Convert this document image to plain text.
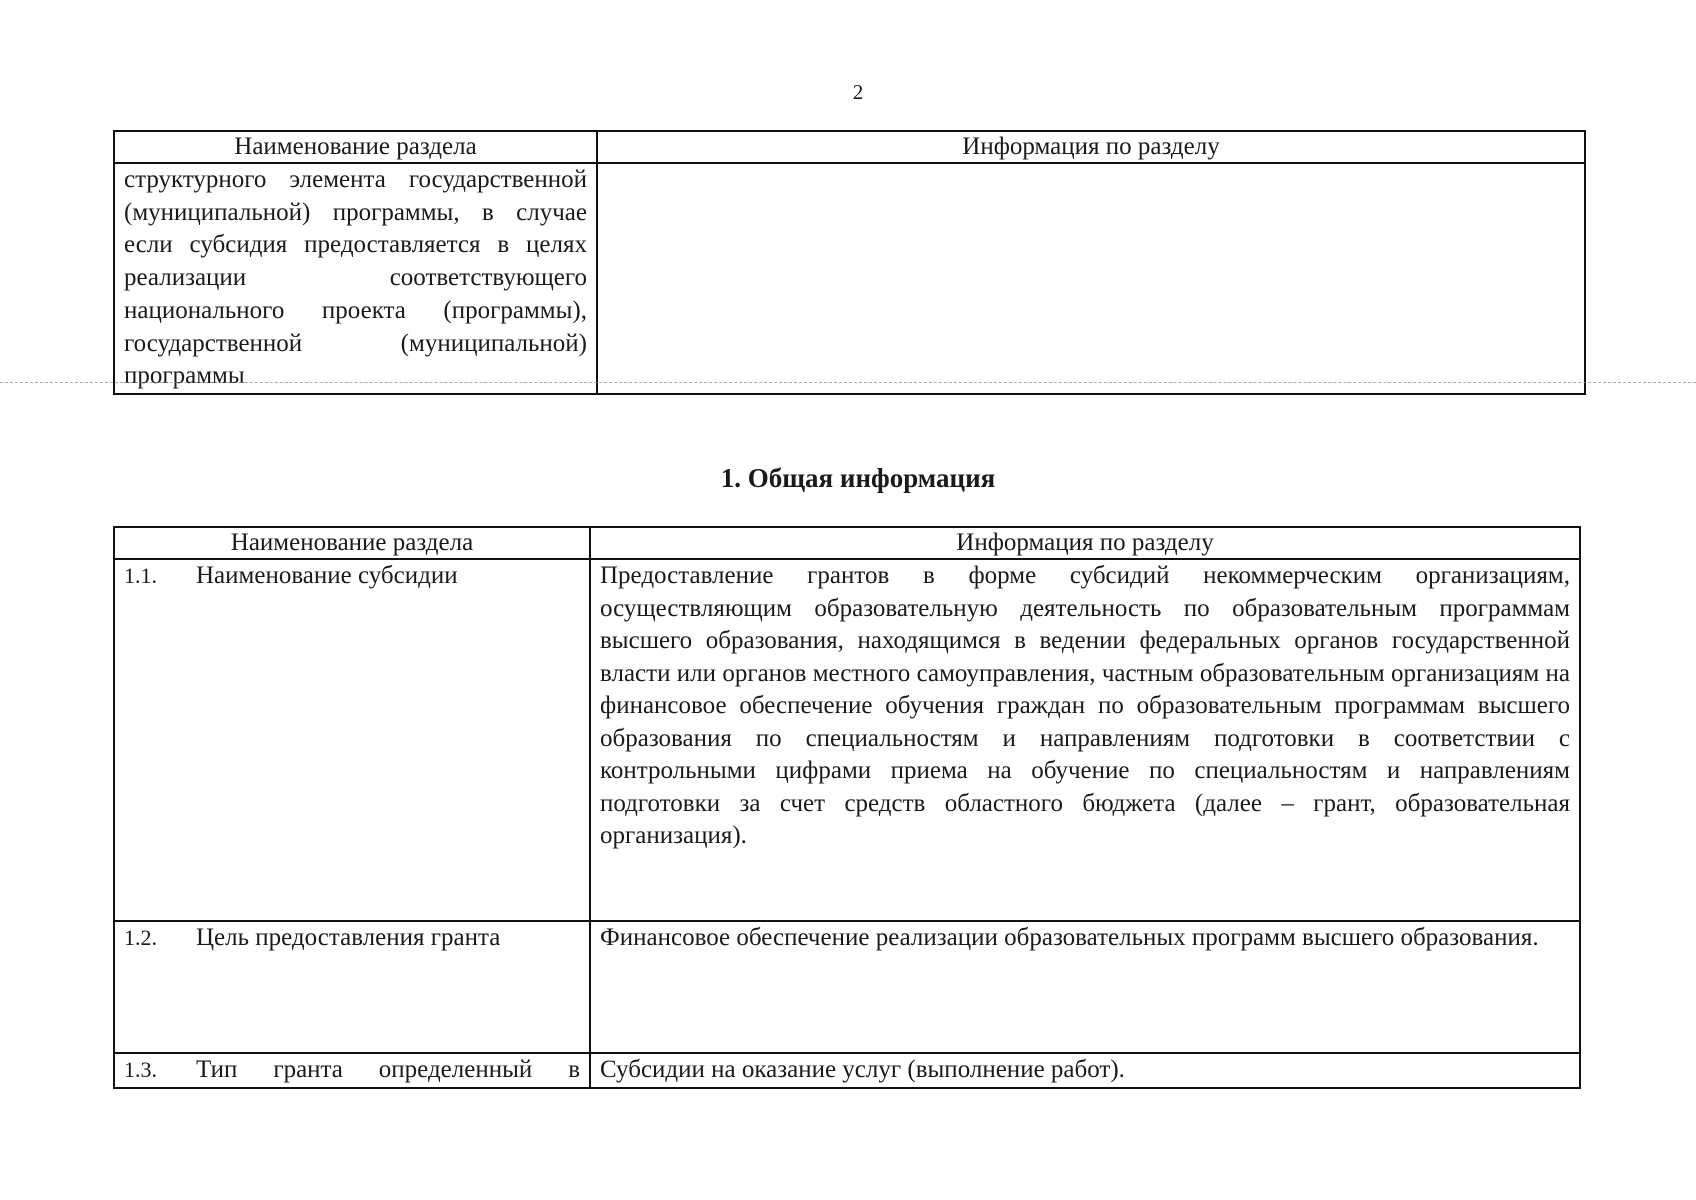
2
Наименование раздела	Информация по разделу
структурного элемента государственной (муниципальной) программы, в случае если субсидия предоставляется в целях реализации соответствующего национального проекта (программы), государственной (муниципальной) программы	
1. Общая информация
Наименование раздела	Информация по разделу
1.1. Наименование субсидии	Предоставление грантов в форме субсидий некоммерческим организациям, осуществляющим образовательную деятельность по образовательным программам высшего образования, находящимся в ведении федеральных органов государственной власти или органов местного самоуправления, частным образовательным организациям на финансовое обеспечение обучения граждан по образовательным программам высшего образования по специальностям и направлениям подготовки в соответствии с контрольными цифрами приема на обучение по специальностям и направлениям подготовки за счет средств областного бюджета (далее – грант, образовательная организация).
1.2. Цель предоставления гранта	Финансовое обеспечение реализации образовательных программ высшего образования.

1.3. Тип гранта определенный в	Субсидии на оказание услуг (выполнение работ).
